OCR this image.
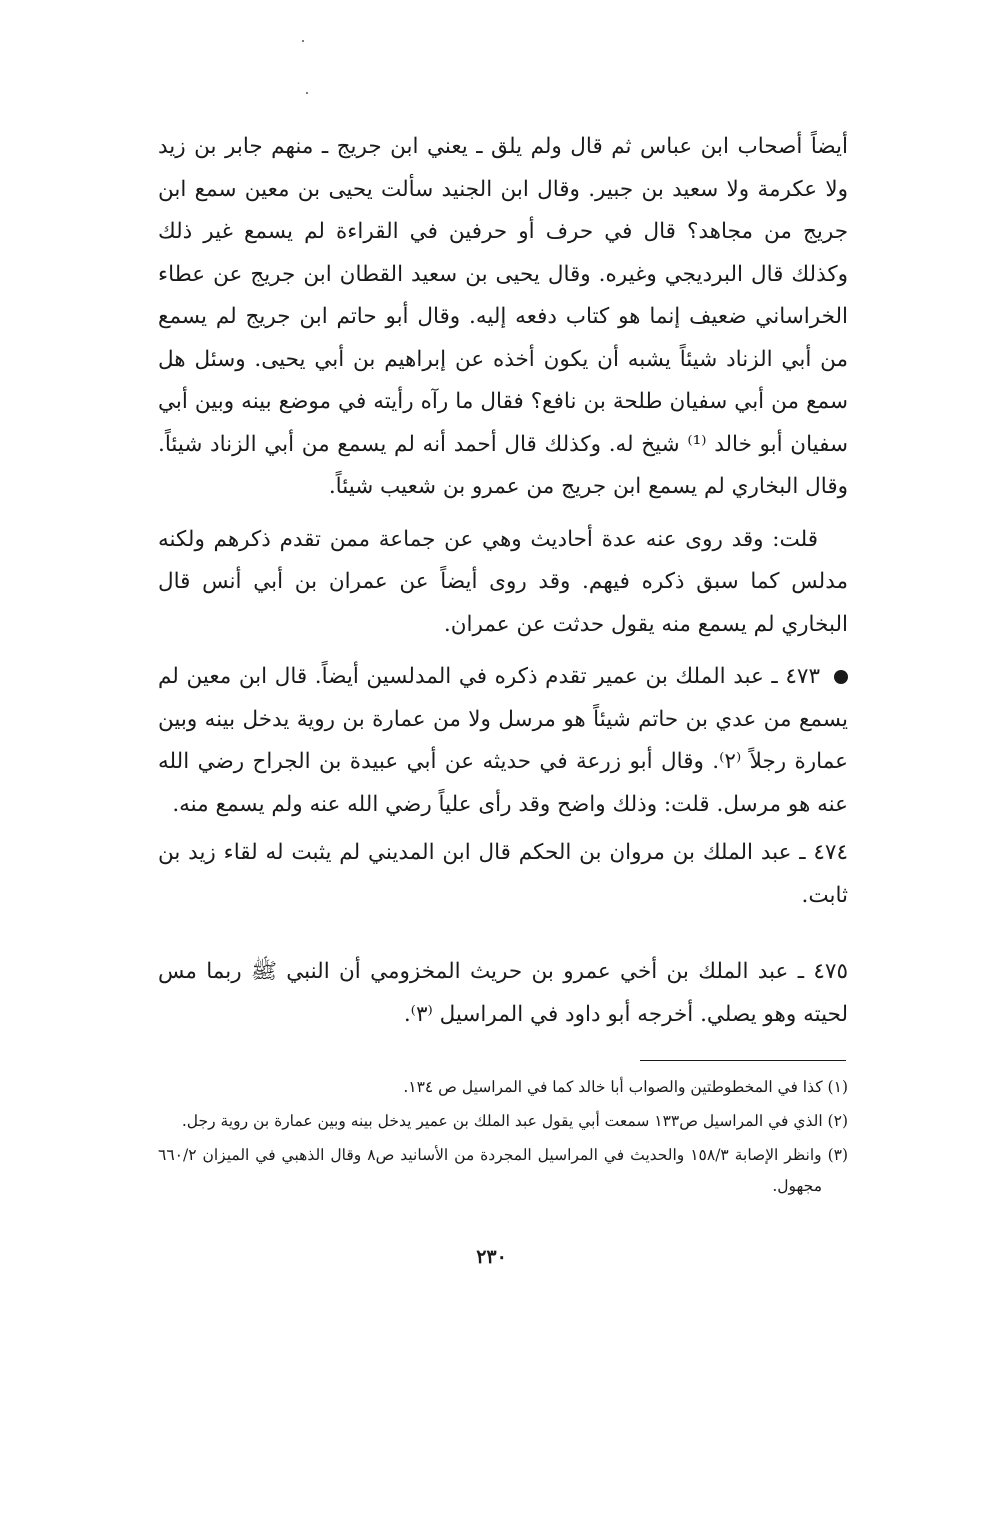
أيضاً أصحاب ابن عباس ثم قال ولم يلق ـ يعني ابن جريج ـ منهم جابر بن زيد ولا عكرمة ولا سعيد بن جبير. وقال ابن الجنيد سألت يحيى بن معين سمع ابن جريج من مجاهد؟ قال في حرف أو حرفين في القراءة لم يسمع غير ذلك وكذلك قال البرديجي وغيره. وقال يحيى بن سعيد القطان ابن جريج عن عطاء الخراساني ضعيف إنما هو كتاب دفعه إليه. وقال أبو حاتم ابن جريج لم يسمع من أبي الزناد شيئاً يشبه أن يكون أخذه عن إبراهيم بن أبي يحيى. وسئل هل سمع من أبي سفيان طلحة بن نافع؟ فقال ما رآه رأيته في موضع بينه وبين أبي سفيان أبو خالد ⁽¹⁾ شيخ له. وكذلك قال أحمد أنه لم يسمع من أبي الزناد شيئاً. وقال البخاري لم يسمع ابن جريج من عمرو بن شعيب شيئاً.

قلت: وقد روى عنه عدة أحاديث وهي عن جماعة ممن تقدم ذكرهم ولكنه مدلس كما سبق ذكره فيهم. وقد روى أيضاً عن عمران بن أبي أنس قال البخاري لم يسمع منه يقول حدثت عن عمران.

٤٧٣ ـ عبد الملك بن عمير تقدم ذكره في المدلسين أيضاً. قال ابن معين لم يسمع من عدي بن حاتم شيئاً هو مرسل ولا من عمارة بن روية يدخل بينه وبين عمارة رجلاً ⁽٢⁾. وقال أبو زرعة في حديثه عن أبي عبيدة بن الجراح رضي الله عنه هو مرسل. قلت: وذلك واضح وقد رأى علياً رضي الله عنه ولم يسمع منه.

٤٧٤ ـ عبد الملك بن مروان بن الحكم قال ابن المديني لم يثبت له لقاء زيد بن ثابت.

٤٧٥ ـ عبد الملك بن أخي عمرو بن حريث المخزومي أن النبي ﷺ ربما مس لحيته وهو يصلي. أخرجه أبو داود في المراسيل ⁽٣⁾.

(١) كذا في المخطوطتين والصواب أبا خالد كما في المراسيل ص ١٣٤.

(٢) الذي في المراسيل ص١٣٣ سمعت أبي يقول عبد الملك بن عمير يدخل بينه وبين عمارة بن روية رجل.

(٣) وانظر الإصابة ١٥٨/٣ والحديث في المراسيل المجردة من الأسانيد ص٨ وقال الذهبي في الميزان ٦٦٠/٢ مجهول.

٢٣٠
